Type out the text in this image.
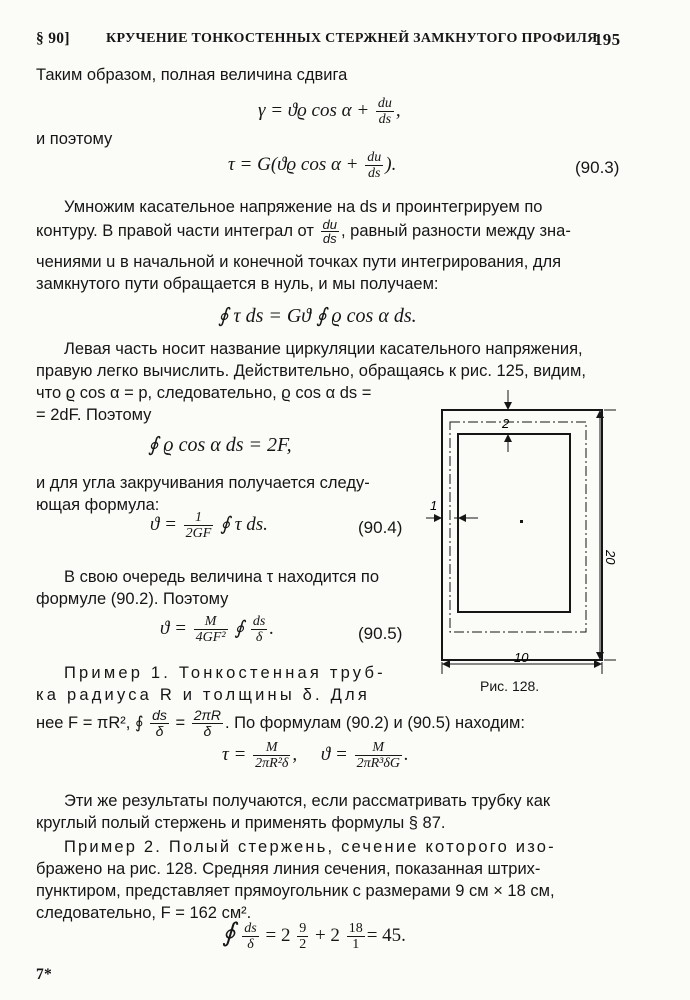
§ 90]	КРУЧЕНИЕ ТОНКОСТЕННЫХ СТЕРЖНЕЙ ЗАМКНУТОГО ПРОФИЛЯ
195
Таким образом, полная величина сдвига
γ = ϑϱ $\cos \alpha + \frac{du}{ds}$ ,
и поэтому
τ = G(ϑϱ $\cos \alpha + \frac{du}{ds}$ ).	(90.3)
Умножим касательное напряжение на ds и проинтегрируем по
контуру. В правой части интеграл от $\frac{du}{ds}$ , равный разности между зна-
чениями u в начальной и конечной точках пути интегрирования, для
замкнутого пути обращается в нуль, и мы получаем:
∮ τ ds = Gϑ ∮ ϱ cos α ds.
Левая часть носит название циркуляции касательного напряжения,
правую легко вычислить. Действительно, обращаясь к рис. 125, видим,
что ϱ cos α = p, следовательно, ϱ cos α ds =
= 2dF. Поэтому
∮ ϱ cos α ds = 2F,
и для угла закручивания получается следу-
ющая формула:
$ϑ = \frac{1}{2GF}$ ∮ τ ds.	(90.4)
В свою очередь величина τ находится по
формуле (90.2). Поэтому
$ϑ = \frac{M}{\text{4GF²}}$ ∮ $\frac{ds}{\delta}$ .	(90.5)
Пример 1. Тонкостенная труб-
ка радиуса R и толщины δ. Для
нее F = πR², ∮ $\frac{ds}{\delta} = \frac{2\pi R}{\delta}$ . По формулам (90.2) и (90.5) находим:
$\tau = \frac{M}{\text{2πR²δ}}$ ,     $ϑ = \frac{M}{\text{2πR³δG}}$ .
Эти же результаты получаются, если рассматривать трубку как
круглый полый стержень и применять формулы § 87.
Пример 2. Полый стержень, сечение которого изо-
бражено на рис. 128. Средняя линия сечения, показанная штрих-
пунктиром, представляет прямоугольник с размерами 9 см × 18 см,
следовательно, F = 162 см².
∮ $\frac{ds}{\delta} = 2 \frac{9}{2} + 2 \frac{18}{1} = 45$.
7*
2
1
20
10
Рис. 128.
